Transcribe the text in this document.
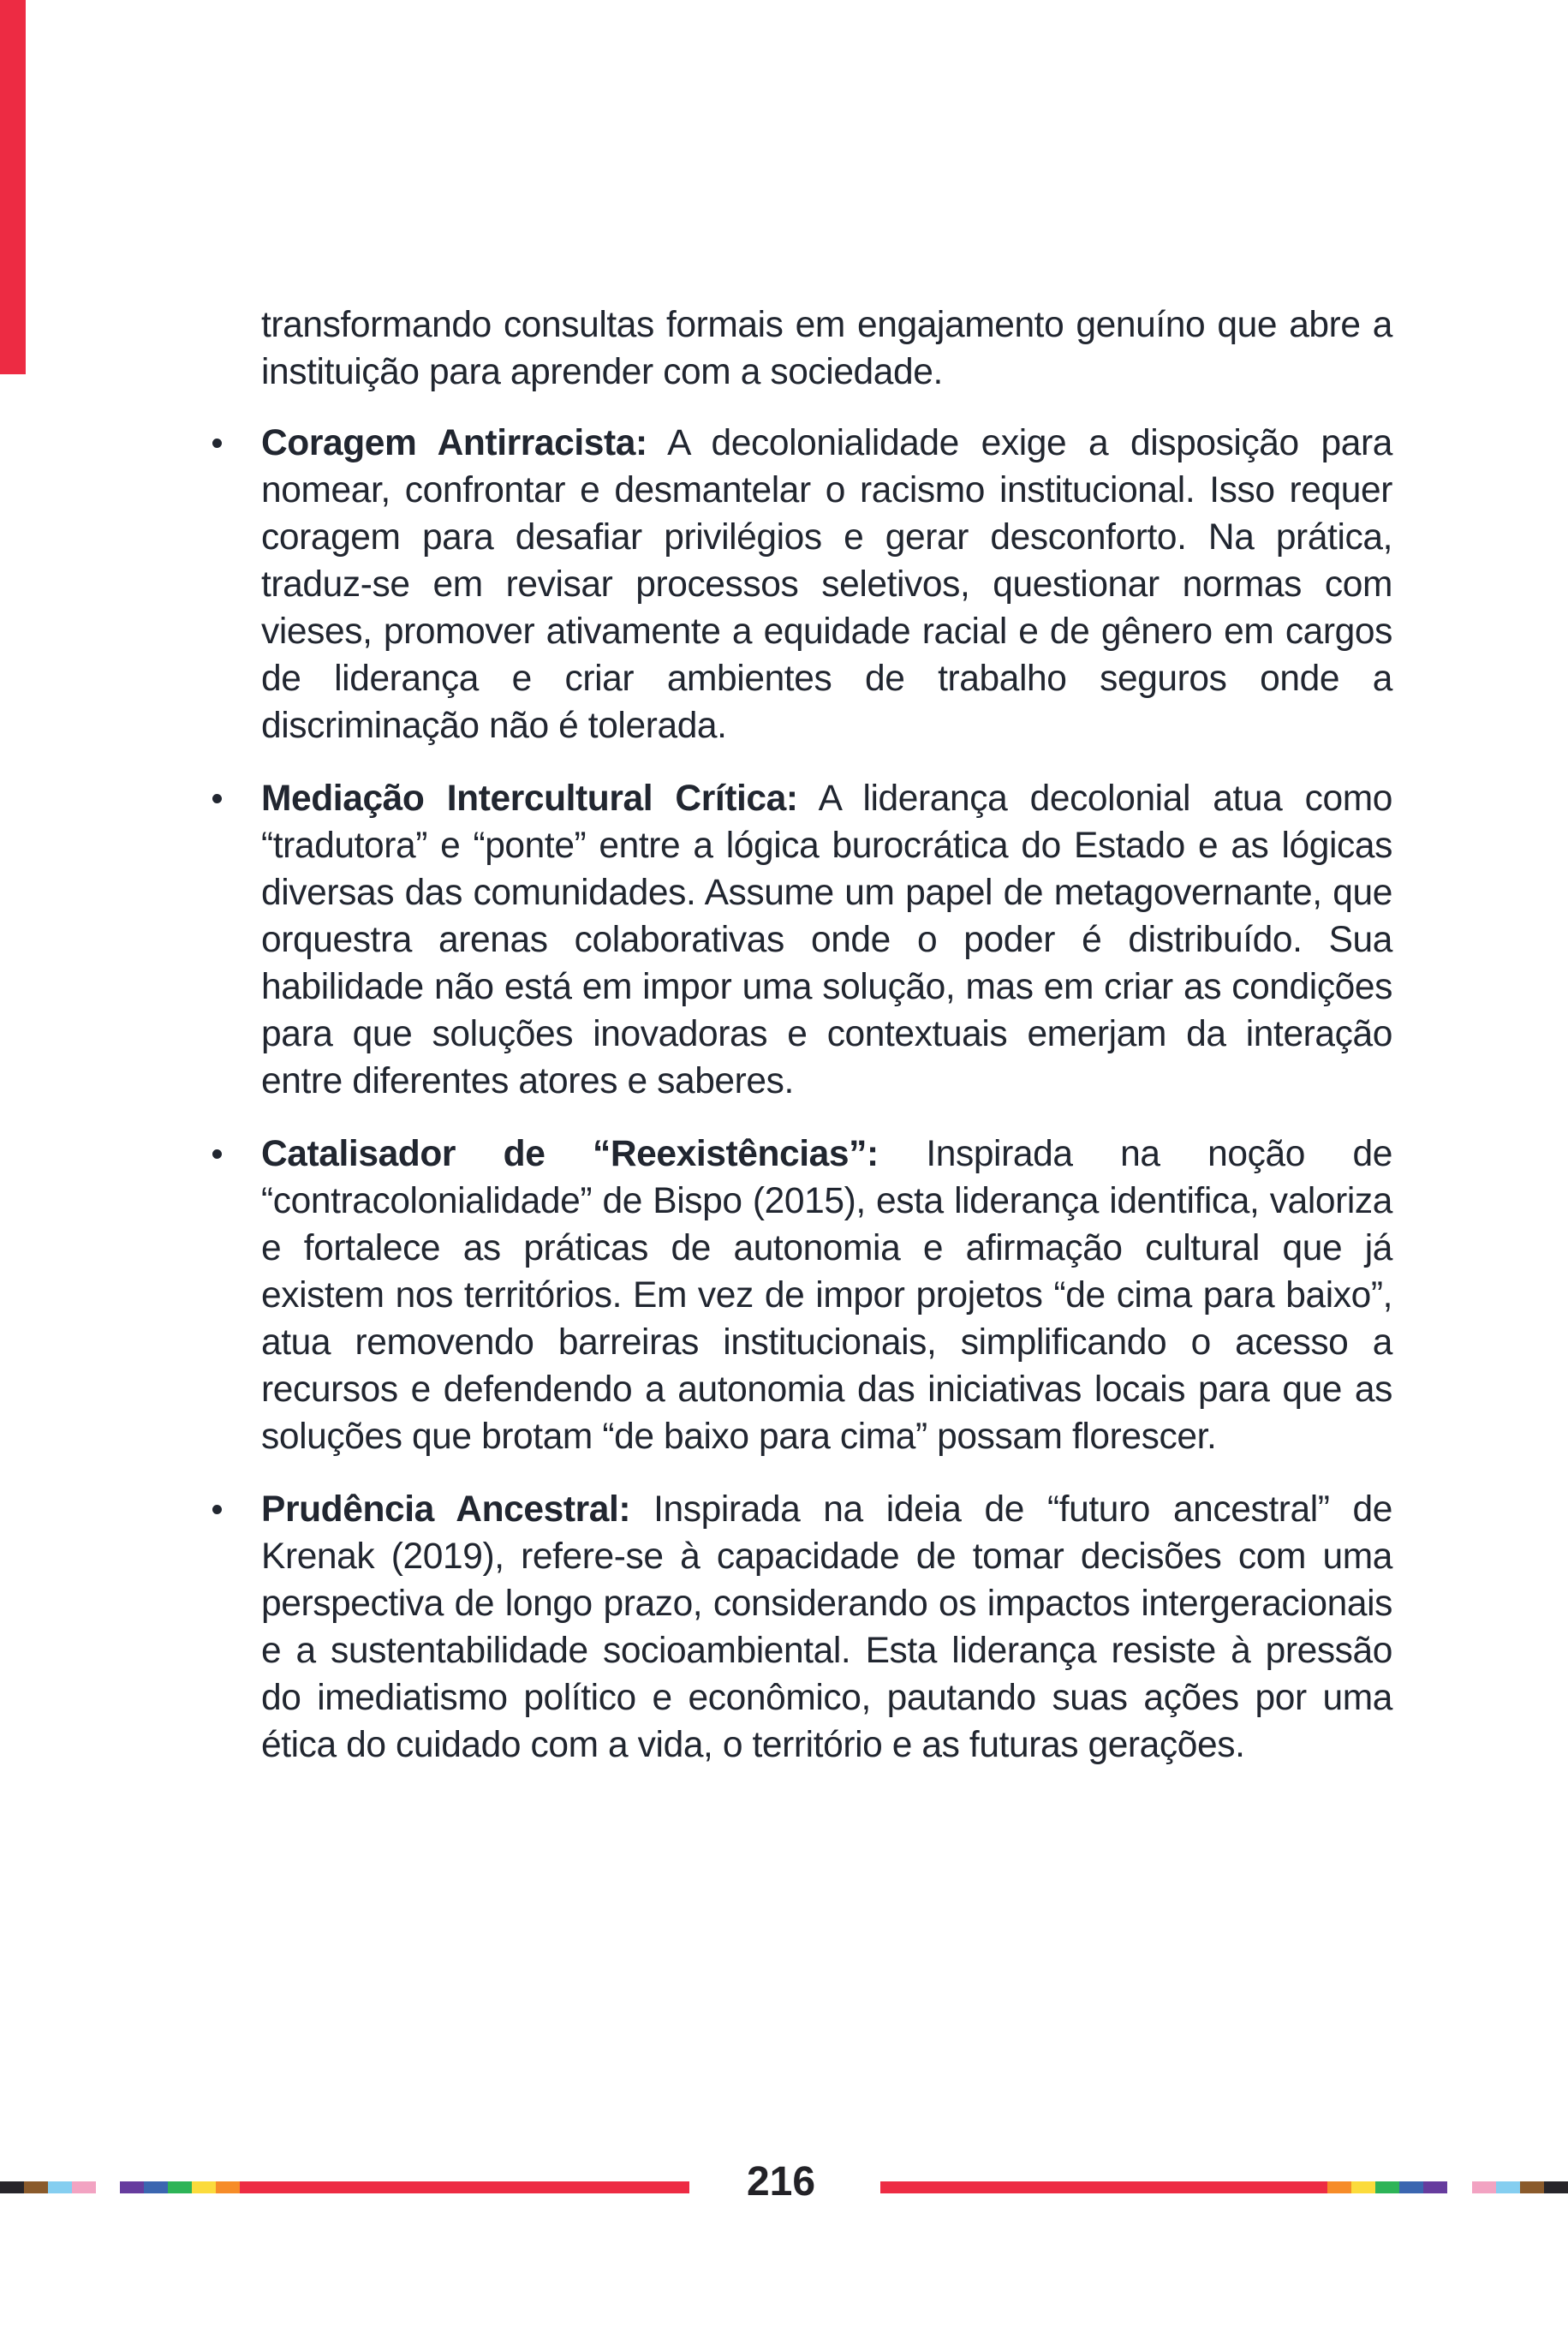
transformando consultas formais em engajamento genuíno que abre a instituição para aprender com a sociedade.

Coragem Antirracista: A decolonialidade exige a disposição para nomear, confrontar e desmantelar o racismo institucional. Isso requer coragem para desafiar privilégios e gerar desconforto. Na prática, traduz-se em revisar processos seletivos, questionar normas com vieses, promover ativamente a equidade racial e de gênero em cargos de liderança e criar ambientes de trabalho seguros onde a discriminação não é tolerada.
Mediação Intercultural Crítica: A liderança decolonial atua como “tradutora” e “ponte” entre a lógica burocrática do Estado e as lógicas diversas das comunidades. Assume um papel de metagovernante, que orquestra arenas colaborativas onde o poder é distribuído. Sua habilidade não está em impor uma solução, mas em criar as condições para que soluções inovadoras e contextuais emerjam da interação entre diferentes atores e saberes.
Catalisador de “Reexistências”: Inspirada na noção de “contracolonialidade” de Bispo (2015), esta liderança identifica, valoriza e fortalece as práticas de autonomia e afirmação cultural que já existem nos territórios. Em vez de impor projetos “de cima para baixo”, atua removendo barreiras institucionais, simplificando o acesso a recursos e defendendo a autonomia das iniciativas locais para que as soluções que brotam “de baixo para cima” possam florescer.
Prudência Ancestral: Inspirada na ideia de “futuro ancestral” de Krenak (2019), refere-se à capacidade de tomar decisões com uma perspectiva de longo prazo, considerando os impactos intergeracionais e a sustentabilidade socioambiental. Esta liderança resiste à pressão do imediatismo político e econômico, pautando suas ações por uma ética do cuidado com a vida, o território e as futuras gerações.
216
